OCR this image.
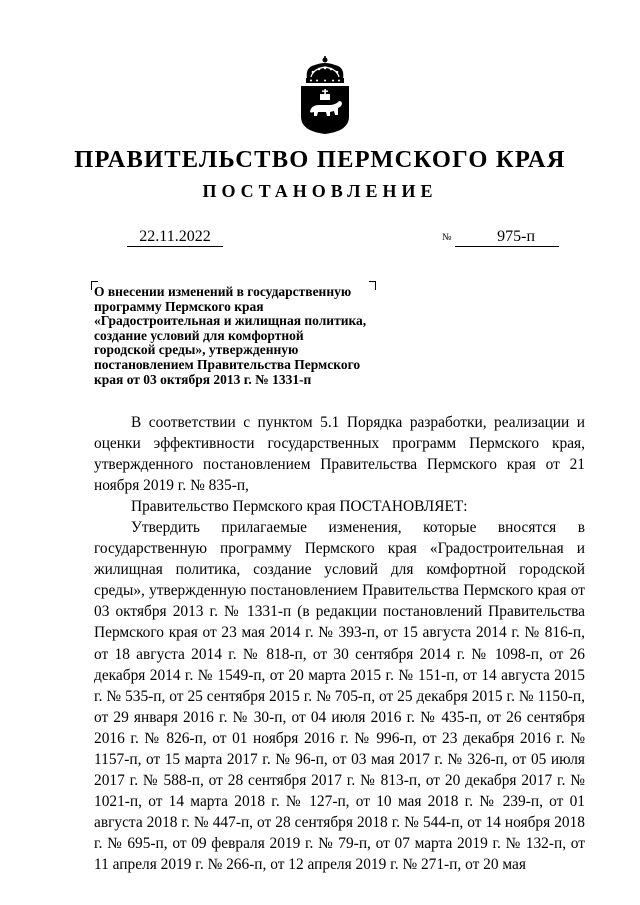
ПРАВИТЕЛЬСТВО ПЕРМСКОГО КРАЯ
ПОСТАНОВЛЕНИЕ
22.11.2022	№	975-п
О внесении изменений в государственную
программу Пермского края
«Градостроительная и жилищная политика,
создание условий для комфортной
городской среды», утвержденную
постановлением Правительства Пермского
края от 03 октября 2013 г. № 1331-п

В соответствии с пунктом 5.1 Порядка разработки, реализации и оценки эффективности государственных программ Пермского края, утвержденного постановлением Правительства Пермского края от 21 ноября 2019 г. № 835-п,

Правительство Пермского края ПОСТАНОВЛЯЕТ:

Утвердить прилагаемые изменения, которые вносятся в государственную программу Пермского края «Градостроительная и жилищная политика, создание условий для комфортной городской среды», утвержденную постановлением Правительства Пермского края от 03 октября 2013 г. № 1331-п (в редакции постановлений Правительства Пермского края от 23 мая 2014 г. № 393-п, от 15 августа 2014 г. № 816-п, от 18 августа 2014 г. № 818-п, от 30 сентября 2014 г. № 1098-п, от 26 декабря 2014 г. № 1549-п, от 20 марта 2015 г. № 151-п, от 14 августа 2015 г. № 535-п, от 25 сентября 2015 г. № 705-п, от 25 декабря 2015 г. № 1150-п, от 29 января 2016 г. № 30-п, от 04 июля 2016 г. № 435-п, от 26 сентября 2016 г. № 826-п, от 01 ноября 2016 г. № 996-п, от 23 декабря 2016 г. № 1157-п, от 15 марта 2017 г. № 96-п, от 03 мая 2017 г. № 326-п, от 05 июля 2017 г. № 588-п, от 28 сентября 2017 г. № 813-п, от 20 декабря 2017 г. № 1021-п, от 14 марта 2018 г. № 127-п, от 10 мая 2018 г. № 239-п, от 01 августа 2018 г. № 447-п, от 28 сентября 2018 г. № 544-п, от 14 ноября 2018 г. № 695-п, от 09 февраля 2019 г. № 79-п, от 07 марта 2019 г. № 132-п, от 11 апреля 2019 г. № 266-п, от 12 апреля 2019 г. № 271-п, от 20 мая
